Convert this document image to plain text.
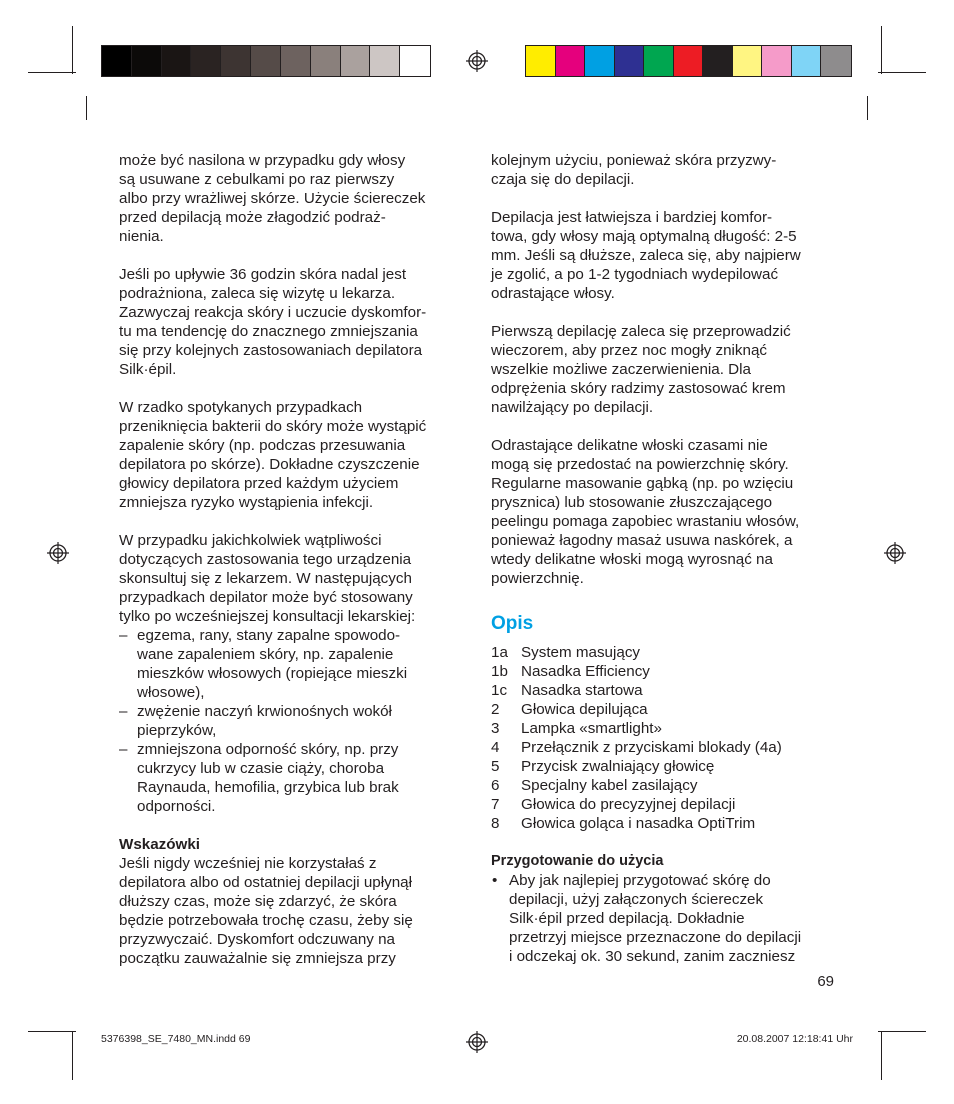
może być nasilona w przypadku gdy włosy
są usuwane z cebulkami po raz pierwszy
albo przy wrażliwej skórze. Użycie ściereczek
przed depilacją może złagodzić podraż-
nienia.

Jeśli po upływie 36 godzin skóra nadal jest
podrażniona, zaleca się wizytę u lekarza.
Zazwyczaj reakcja skóry i uczucie dyskomfor-
tu ma tendencję do znacznego zmniejszania
się przy kolejnych zastosowaniach depilatora
Silk·épil.

W rzadko spotykanych przypadkach
przeniknięcia bakterii do skóry może wystąpić
zapalenie skóry (np. podczas przesuwania
depilatora po skórze). Dokładne czyszczenie
głowicy depilatora przed każdym użyciem
zmniejsza ryzyko wystąpienia infekcji.

W przypadku jakichkolwiek wątpliwości
dotyczących zastosowania tego urządzenia
skonsultuj się z lekarzem. W następujących
przypadkach depilator może być stosowany
tylko po wcześniejszej konsultacji lekarskiej:

– egzema, rany, stany zapalne spowodo-
wane zapaleniem skóry, np. zapalenie
mieszków włosowych (ropiejące mieszki
włosowe),
– zwężenie naczyń krwionośnych wokół
pieprzyków,
– zmniejszona odporność skóry, np. przy
cukrzycy lub w czasie ciąży, choroba
Raynauda, hemofilia, grzybica lub brak
odporności.

Wskazówki

Jeśli nigdy wcześniej nie korzystałaś z
depilatora albo od ostatniej depilacji upłynął
dłuższy czas, może się zdarzyć, że skóra
będzie potrzebowała trochę czasu, żeby się
przyzwyczaić. Dyskomfort odczuwany na
początku zauważalnie się zmniejsza przy

kolejnym użyciu, ponieważ skóra przyzwy-
czaja się do depilacji.

Depilacja jest łatwiejsza i bardziej komfor-
towa, gdy włosy mają optymalną długość: 2-5
mm. Jeśli są dłuższe, zaleca się, aby najpierw
je zgolić, a po 1-2 tygodniach wydepilować
odrastające włosy.

Pierwszą depilację zaleca się przeprowadzić
wieczorem, aby przez noc mogły zniknąć
wszelkie możliwe zaczerwienienia. Dla
odprężenia skóry radzimy zastosować krem
nawilżający po depilacji.

Odrastające delikatne włoski czasami nie
mogą się przedostać na powierzchnię skóry.
Regularne masowanie gąbką (np. po wzięciu
prysznica) lub stosowanie złuszczającego
peelingu pomaga zapobiec wrastaniu włosów,
ponieważ łagodny masaż usuwa naskórek, a
wtedy delikatne włoski mogą wyrosnąć na
powierzchnię.

Opis
1a System masujący
1b Nasadka Efficiency
1c Nasadka startowa
2	Głowica depilująca
3	Lampka «smartlight»
4	Przełącznik z przyciskami blokady (4a)
5	Przycisk zwalniający głowicę
6	Specjalny kabel zasilający
7	Głowica do precyzyjnej depilacji
8	Głowica goląca i nasadka OptiTrim

Przygotowanie do użycia

• Aby jak najlepiej przygotować skórę do
depilacji, użyj załączonych ściereczek
Silk·épil przed depilacją. Dokładnie
przetrzyj miejsce przeznaczone do depilacji
i odczekaj ok. 30 sekund, zanim zaczniesz
69
5376398_SE_7480_MN.indd 69	20.08.2007 12:18:41 Uhr
